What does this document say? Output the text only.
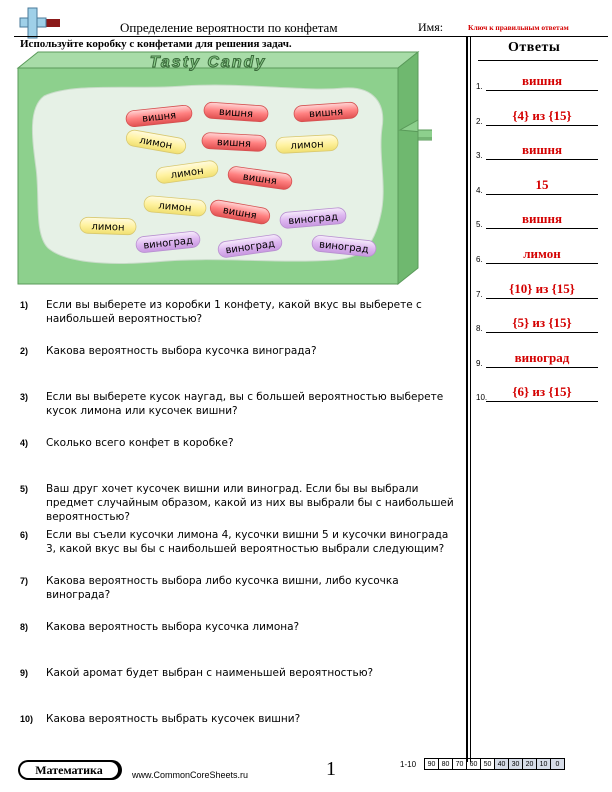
Определение вероятности по конфетам	Имя:	Ключ к правильным ответам
Используйте коробку с конфетами для решения задач.
Tasty Candy
вишня	вишня	вишня
лимон	вишня	лимон
лимон	вишня
лимон	вишня	виноград
лимон
виноград	виноград	виноград
1) Если вы выберете из коробки 1 конфету, какой вкус вы выберете с наибольшей вероятностью?
2) Какова вероятность выбора кусочка винограда?
3) Если вы выберете кусок наугад, вы с большей вероятностью выберете кусок лимона или кусочек вишни?
4) Сколько всего конфет в коробке?
5) Ваш друг хочет кусочек вишни или виноград. Если бы вы выбрали предмет случайным образом, какой из них вы выбрали бы с наибольшей вероятностью?
6) Если вы съели кусочки лимона 4, кусочки вишни 5 и кусочки винограда 3, какой вкус вы бы с наибольшей вероятностью выбрали следующим?
7) Какова вероятность выбора либо кусочка вишни, либо кусочка винограда?
8) Какова вероятность выбора кусочка лимона?
9) Какой аромат будет выбран с наименьшей вероятностью?
10) Какова вероятность выбрать кусочек вишни?
Ответы
1.	вишня
2.	{4} из {15}
3.	вишня
4.	15
5.	вишня
6.	лимон
7.	{10} из {15}
8.	{5} из {15}
9.	виноград
10.	{6} из {15}
Математика	www.CommonCoreSheets.ru	1	1-10 90	80	70	60	50	40	30	20	10	0
